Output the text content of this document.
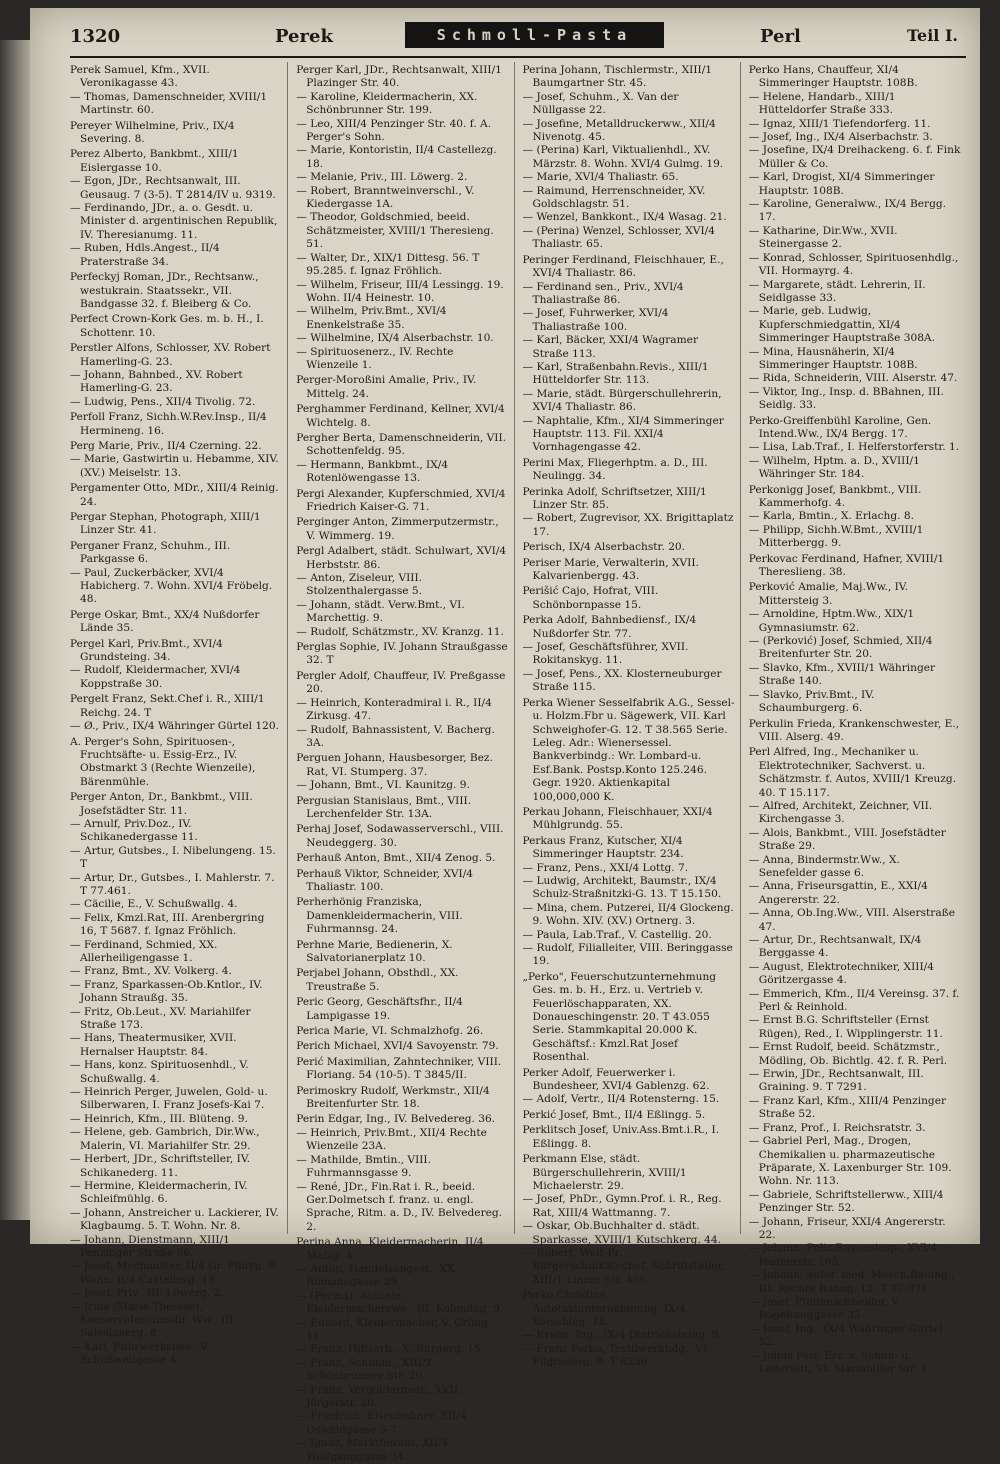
1320	Perek	Schmoll-Pasta	Perl	Teil I.
Perek Samuel, Kfm., XVII. Veronikagasse 43.
— Thomas, Damenschneider, XVIII/1 Martinstr. 60.
Pereyer Wilhelmine, Priv., IX/4 Severing. 8.
Perez Alberto, Bankbmt., XIII/1 Eislergasse 10.
— Egon, JDr., Rechtsanwalt, III. Geusaug. 7 (3-5). T 2814/IV u. 9319.
— Ferdinando, JDr., a. o. Gesdt. u. Minister d. argentinischen Republik, IV. Theresianumg. 11.
— Ruben, Hdls.Angest., II/4 Praterstraße 34.
Perfeckyj Roman, JDr., Rechtsanw., westukrain. Staatssekr., VII. Bandgasse 32. f. Bleiberg & Co.
Perfect Crown-Kork Ges. m. b. H., I. Schottenr. 10.
Perstler Alfons, Schlosser, XV. Robert Hamerling-G. 23.
— Johann, Bahnbed., XV. Robert Hamerling-G. 23.
— Ludwig, Pens., XII/4 Tivolig. 72.
Perfoll Franz, Sichh.W.Rev.Insp., II/4 Hermineng. 16.
Perg Marie, Priv., II/4 Czerning. 22.
— Marie, Gastwirtin u. Hebamme, XIV. (XV.) Meiselstr. 13.
Pergamenter Otto, MDr., XIII/4 Reinig. 24.
Pergar Stephan, Photograph, XIII/1 Linzer Str. 41.
Perganer Franz, Schuhm., III. Parkgasse 6.
— Paul, Zuckerbäcker, XVI/4 Habicherg. 7. Wohn. XVI/4 Fröbelg. 48.
Perge Oskar, Bmt., XX/4 Nußdorfer Lände 35.
Pergel Karl, Priv.Bmt., XVI/4 Grundsteing. 34.
— Rudolf, Kleidermacher, XVI/4 Koppstraße 30.
Pergelt Franz, Sekt.Chef i. R., XIII/1 Reichg. 24. T
— Ø., Priv., IX/4 Währinger Gürtel 120.
A. Perger's Sohn, Spirituosen-, Fruchtsäfte- u. Essig-Erz., IV. Obstmarkt 3 (Rechte Wienzeile), Bärenmühle.
Perger Anton, Dr., Bankbmt., VIII. Josefstädter Str. 11.
— Arnulf, Priv.Doz., IV. Schikanedergasse 11.
— Artur, Gutsbes., I. Nibelungeng. 15. T
— Artur, Dr., Gutsbes., I. Mahlerstr. 7. T 77.461.
— Cäcilie, E., V. Schußwallg. 4.
— Felix, Kmzl.Rat, III. Arenbergring 16, T 5687. f. Ignaz Fröhlich.
— Ferdinand, Schmied, XX. Allerheiligengasse 1.
— Franz, Bmt., XV. Volkerg. 4.
— Franz, Sparkassen-Ob.Kntlor., IV. Johann Straußg. 35.
— Fritz, Ob.Leut., XV. Mariahilfer Straße 173.
— Hans, Theatermusiker, XVII. Hernalser Hauptstr. 84.
— Hans, konz. Spirituosenhdl., V. Schußwallg. 4.
— Heinrich Perger, Juwelen, Gold- u. Silberwaren, I. Franz Josefs-Kai 7.
— Heinrich, Kfm., III. Blüteng. 9.
— Helene, geb. Gambrich, Dir.Ww., Malerin, VI. Mariahilfer Str. 29.
— Herbert, JDr., Schriftsteller, IV. Schikanederg. 11.
— Hermine, Kleidermacherin, IV. Schleifmühlg. 6.
— Johann, Anstreicher u. Lackierer, IV. Klagbaumg. 5. T. Wohn. Nr. 8.
— Johann, Dienstmann, XIII/1 Penzinger Straße 56.
— Josef, Mechaniker, II/4 Gr. Pfarrg. 9. Wohn. II/4 Castellezg. 18.
— Josef, Priv., III. Löwerg. 2.
— Irma (Marie Therese), Konservatoriumsdir. Ww., III. Salesianerg. 8.
— Karl, Fuhrwerksbes., V. Schußwallgasse 4.
Perger Karl, JDr., Rechtsanwalt, XIII/1 Plazinger Str. 40.
— Karoline, Kleidermacherin, XX. Schönbrunner Str. 199.
— Leo, XIII/4 Penzinger Str. 40. f. A. Perger's Sohn.
— Marie, Kontoristin, II/4 Castellezg. 18.
— Melanie, Priv., III. Löwerg. 2.
— Robert, Branntweinverschl., V. Kiedergasse 1A.
— Theodor, Goldschmied, beeid. Schätzmeister, XVIII/1 Theresieng. 51.
— Walter, Dr., XIX/1 Dittesg. 56. T 95.285. f. Ignaz Fröhlich.
— Wilhelm, Friseur, III/4 Lessingg. 19. Wohn. II/4 Heinestr. 10.
— Wilhelm, Priv.Bmt., XVI/4 Enenkelstraße 35.
— Wilhelmine, IX/4 Alserbachstr. 10.
— Spirituosenerz., IV. Rechte Wienzeile 1.
Perger-Moroßini Amalie, Priv., IV. Mittelg. 24.
Perghammer Ferdinand, Kellner, XVI/4 Wichtelg. 8.
Pergher Berta, Damenschneiderin, VII. Schottenfeldg. 95.
— Hermann, Bankbmt., IX/4 Rotenlöwengasse 13.
Pergi Alexander, Kupferschmied, XVI/4 Friedrich Kaiser-G. 71.
Perginger Anton, Zimmerputzermstr., V. Wimmerg. 19.
Pergl Adalbert, städt. Schulwart, XVI/4 Herbststr. 86.
— Anton, Ziseleur, VIII. Stolzenthalergasse 5.
— Johann, städt. Verw.Bmt., VI. Marchettig. 9.
— Rudolf, Schätzmstr., XV. Kranzg. 11.
Perglas Sophie, IV. Johann Straußgasse 32. T
Pergler Adolf, Chauffeur, IV. Preßgasse 20.
— Heinrich, Konteradmiral i. R., II/4 Zirkusg. 47.
— Rudolf, Bahnassistent, V. Bacherg. 3A.
Perguen Johann, Hausbesorger, Bez. Rat, VI. Stumperg. 37.
— Johann, Bmt., VI. Kaunitzg. 9.
Pergusian Stanislaus, Bmt., VIII. Lerchenfelder Str. 13A.
Perhaj Josef, Sodawasserverschl., VIII. Neudeggerg. 30.
Perhauß Anton, Bmt., XII/4 Zenog. 5.
Perhauß Viktor, Schneider, XVI/4 Thaliastr. 100.
Perherhönig Franziska, Damenkleidermacherin, VIII. Fuhrmannsg. 24.
Perhne Marie, Bedienerin, X. Salvatorianerplatz 10.
Perjabel Johann, Obsthdl., XX. Treustraße 5.
Peric Georg, Geschäftsfhr., II/4 Lampigasse 19.
Perica Marie, VI. Schmalzhofg. 26.
Perich Michael, XVI/4 Savoyenstr. 79.
Perić Maximilian, Zahntechniker, VIII. Floriang. 54 (10-5). T 3845/II.
Perimoskry Rudolf, Werkmstr., XII/4 Breitenfurter Str. 18.
Perin Edgar, Ing., IV. Belvedereg. 36.
— Heinrich, Priv.Bmt., XII/4 Rechte Wienzeile 23A.
— Mathilde, Bmtin., VIII. Fuhrmannsgasse 9.
— René, JDr., Fin.Rat i. R., beeid. Ger.Dolmetsch f. franz. u. engl. Sprache, Ritm. a. D., IV. Belvedereg. 2.
Perina Anna, Kleidermacherin, II/4 Malzg. 4.
— Anton, Handelsangest., XX. Romanogasse 29.
— (Perina), Antonie, Kleidermacherswe., III. Kolonitzg. 9.
— Eduard, Kleidermacher, V. Grüng. 11.
— Franz, Hilfsarb., X. Bürgerg. 15.
— Franz, Schuhm., XIII/1 Schönbrunner Str. 20.
— Franz, Vergoldermstr., XVII. Jörgerstr. 20.
— Friedrich, Eisenbahner, XII/4 Oswaldgasse 5-7.
— Ignaz, Marktfierant, XII/4 Wolfganggasse 34.
Perina Johann, Tischlermstr., XIII/1 Baumgartner Str. 45.
— Josef, Schuhm., X. Van der Nüllgasse 22.
— Josefine, Metalldruckerww., XII/4 Nivenotg. 45.
— (Perina) Karl, Viktualienhdl., XV. Märzstr. 8. Wohn. XVI/4 Gulmg. 19.
— Marie, XVI/4 Thaliastr. 65.
— Raimund, Herrenschneider, XV. Goldschlagstr. 51.
— Wenzel, Bankkont., IX/4 Wasag. 21.
— (Perina) Wenzel, Schlosser, XVI/4 Thaliastr. 65.
Peringer Ferdinand, Fleischhauer, E., XVI/4 Thaliastr. 86.
— Ferdinand sen., Priv., XVI/4 Thaliastraße 86.
— Josef, Fuhrwerker, XVI/4 Thaliastraße 100.
— Karl, Bäcker, XXI/4 Wagramer Straße 113.
— Karl, Straßenbahn.Revis., XIII/1 Hütteldorfer Str. 113.
— Marie, städt. Bürgerschullehrerin, XVI/4 Thaliastr. 86.
— Naphtalie, Kfm., XI/4 Simmeringer Hauptstr. 113. Fil. XXI/4 Vornhagengasse 42.
Perini Max, Fliegerhptm. a. D., III. Neulingg. 34.
Perinka Adolf, Schriftsetzer, XIII/1 Linzer Str. 85.
— Robert, Zugrevisor, XX. Brigittaplatz 17.
Perisch, IX/4 Alserbachstr. 20.
Periser Marie, Verwalterin, XVII. Kalvarienbergg. 43.
Perišić Cajo, Hofrat, VIII. Schönbornpasse 15.
Perka Adolf, Bahnbediensf., IX/4 Nußdorfer Str. 77.
— Josef, Geschäftsführer, XVII. Rokitanskyg. 11.
— Josef, Pens., XX. Klosterneuburger Straße 115.
Perka Wiener Sesselfabrik A.G., Sessel-u. Holzm.Fbr u. Sägewerk, VII. Karl Schweighofer-G. 12. T 38.565 Serie. Leleg. Adr.: Wienersessel. Bankverbindg.: Wr. Lombard-u. Esf.Bank. Postsp.Konto 125.246. Gegr. 1920. Aktienkapital 100,000,000 K.
Perkau Johann, Fleischhauer, XXI/4 Mühlgrundg. 55.
Perkaus Franz, Kutscher, XI/4 Simmeringer Hauptstr. 234.
— Franz, Pens., XXI/4 Lottg. 7.
— Ludwig, Architekt, Baumstr., IX/4 Schulz-Straßnitzki-G. 13. T 15.150.
— Mina, chem. Putzerei, II/4 Glockeng. 9. Wohn. XIV. (XV.) Ortnerg. 3.
— Paula, Lab.Traf., V. Castellig. 20.
— Rudolf, Filialleiter, VIII. Beringgasse 19.
„Perko", Feuerschutzunternehmung Ges. m. b. H., Erz. u. Vertrieb v. Feuerlöschapparaten, XX. Donaueschingenstr. 20. T 43.055 Serie. Stammkapital 20.000 K. Geschäftsf.: Kmzl.Rat Josef Rosenthal.
Perker Adolf, Feuerwerker i. Bundesheer, XVI/4 Gablenzg. 62.
— Adolf, Vertr., II/4 Rotensterng. 15.
Perkić Josef, Bmt., II/4 Eßlingg. 5.
Perklitsch Josef, Univ.Ass.Bmt.i.R., I. Eßlingg. 8.
Perkmann Else, städt. Bürgerschullehrerin, XVIII/1 Michaelerstr. 29.
— Josef, PhDr., Gymn.Prof. i. R., Reg. Rat, XIII/4 Wattmanng. 7.
— Oskar, Ob.Buchhalter d. städt. Sparkasse, XVIII/1 Kutschkerg. 44.
— Robert, Welt-Pr. Bürgerschulkatechet, Schriftsteller, XIII/1 Linzer Str. 466.
Perko Christine, Autotaxiunternehmung, IX/4 Vorschleg. 15.
— Erwin, Ing., IX/4 Dietrichsteing. 9.
— Franz Perko, Textilwerkhdg., VI. Filgraderg. 9. T 6236.
Perko Hans, Chauffeur, XI/4 Simmeringer Hauptstr. 108B.
— Helene, Handarb., XIII/1 Hütteldorfer Straße 333.
— Ignaz, XIII/1 Tiefendorferg. 11.
— Josef, Ing., IX/4 Alserbachstr. 3.
— Josefine, IX/4 Dreihackeng. 6. f. Fink Müller & Co.
— Karl, Drogist, XI/4 Simmeringer Hauptstr. 108B.
— Karoline, Generalww., IX/4 Bergg. 17.
— Katharine, Dir.Ww., XVII. Steinergasse 2.
— Konrad, Schlosser, Spirituosenhdlg., VII. Hormayrg. 4.
— Margarete, städt. Lehrerin, II. Seidlgasse 33.
— Marie, geb. Ludwig, Kupferschmiedgattin, XI/4 Simmeringer Hauptstraße 308A.
— Mina, Hausnäherin, XI/4 Simmeringer Hauptstr. 108B.
— Rida, Schneiderin, VIII. Alserstr. 47.
— Viktor, Ing., Insp. d. BBahnen, III. Seidlg. 33.
Perko-Greiffenbühl Karoline, Gen. Intend.Ww., IX/4 Bergg. 17.
— Lisa, Lab.Traf., I. Helferstorferstr. 1.
— Wilhelm, Hptm. a. D., XVIII/1 Währinger Str. 184.
Perkonigg Josef, Bankbmt., VIII. Kammerhofg. 4.
— Karla, Bmtin., X. Erlachg. 8.
— Philipp, Sichh.W.Bmt., XVIII/1 Mitterbergg. 9.
Perkovac Ferdinand, Hafner, XVIII/1 Thereslieng. 38.
Perković Amalie, Maj.Ww., IV. Mittersteig 3.
— Arnoldine, Hptm.Ww., XIX/1 Gymnasiumstr. 62.
— (Perković) Josef, Schmied, XII/4 Breitenfurter Str. 20.
— Slavko, Kfm., XVIII/1 Währinger Straße 140.
— Slavko, Priv.Bmt., IV. Schaumburgerg. 6.
Perkulin Frieda, Krankenschwester, E., VIII. Alserg. 49.
Perl Alfred, Ing., Mechaniker u. Elektrotechniker, Sachverst. u. Schätzmstr. f. Autos, XVIII/1 Kreuzg. 40. T 15.117.
— Alfred, Architekt, Zeichner, VII. Kirchengasse 3.
— Alois, Bankbmt., VIII. Josefstädter Straße 29.
— Anna, Bindermstr.Ww., X. Senefelder gasse 6.
— Anna, Friseursgattin, E., XXI/4 Angererstr. 22.
— Anna, Ob.Ing.Ww., VIII. Alserstraße 47.
— Artur, Dr., Rechtsanwalt, IX/4 Berggasse 4.
— August, Elektrotechniker, XIII/4 Göritzergasse 4.
— Emmerich, Kfm., II/4 Vereinsg. 37. f. Perl & Reinhold.
— Ernst B.G. Schriftsteller (Ernst Rügen), Red., I. Wipplingerstr. 11.
— Ernst Rudolf, beeid. Schätzmstr., Mödling, Ob. Bichtlg. 42. f. R. Perl.
— Erwin, JDr., Rechtsanwalt, III. Graining. 9. T 7291.
— Franz Karl, Kfm., XIII/4 Penzinger Straße 52.
— Franz, Prof., I. Reichsratstr. 3.
— Gabriel Perl, Mag., Drogen, Chemikalien u. pharmazeutische Präparate, X. Laxenburger Str. 109. Wohn. Nr. 113.
— Gabriele, Schriftstellerww., XIII/4 Penzinger Str. 52.
— Johann, Friseur, XXI/4 Angererstr. 22.
— Johann, Poliz.Rayonsinsp., XVI/4 Hasnerstr. 105.
— Johann, autor. med. Mosch.Bauing., III. Rechte Bahng. 12. T 77.071.
— Josef, Pfeifenschneider, V. Bogeltanggasse 35.
— Josef, Ing., IX/4 Währinger Gürtel 52.
— Julius Perl, Erz. v. Schuh- u. Lederfett, VI. Mariahilfer Str. 1.
